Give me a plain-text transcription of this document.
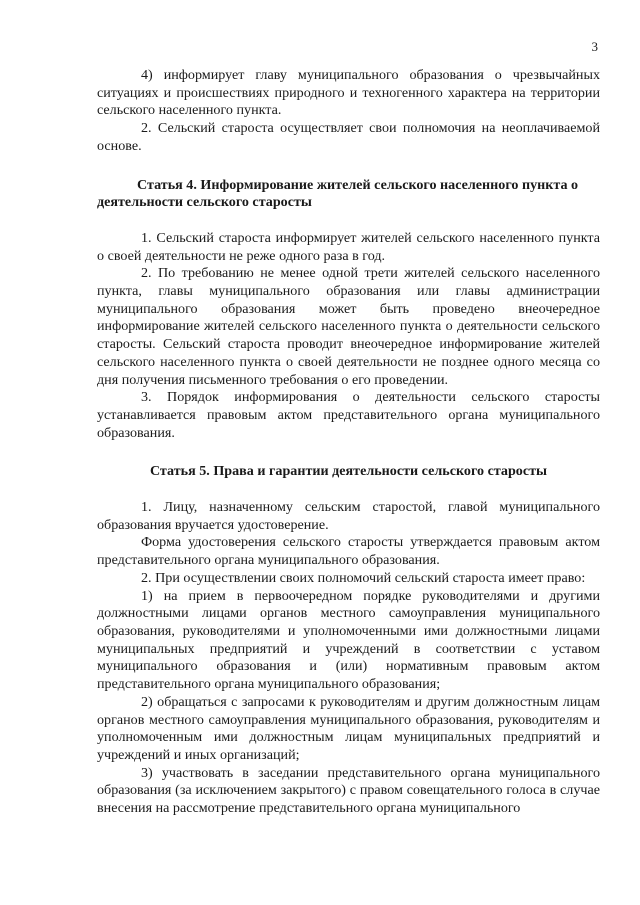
3

4) информирует главу муниципального образования о чрезвычайных ситуациях и происшествиях природного и техногенного характера на территории сельского населенного пункта.

2. Сельский староста осуществляет свои полномочия на неоплачиваемой основе.

Статья 4. Информирование жителей сельского населенного пункта о деятельности сельского старосты

1. Сельский староста информирует жителей сельского населенного пункта о своей деятельности не реже одного раза в год.

2. По требованию не менее одной трети жителей сельского населенного пункта, главы муниципального образования или главы администрации муниципального образования может быть проведено внеочередное информирование жителей сельского населенного пункта о деятельности сельского старосты. Сельский староста проводит внеочередное информирование жителей сельского населенного пункта о своей деятельности не позднее одного месяца со дня получения письменного требования о его проведении.

3. Порядок информирования о деятельности сельского старосты устанавливается правовым актом представительного органа муниципального образования.

Статья 5. Права и гарантии деятельности сельского старосты

1. Лицу, назначенному сельским старостой, главой муниципального образования вручается удостоверение.

Форма удостоверения сельского старосты утверждается правовым актом представительного органа муниципального образования.

2. При осуществлении своих полномочий сельский староста имеет право:

1) на прием в первоочередном порядке руководителями и другими должностными лицами органов местного самоуправления муниципального образования, руководителями и уполномоченными ими должностными лицами муниципальных предприятий и учреждений в соответствии с уставом муниципального образования и (или) нормативным правовым актом представительного органа муниципального образования;

2) обращаться с запросами к руководителям и другим должностным лицам органов местного самоуправления муниципального образования, руководителям и уполномоченным ими должностным лицам муниципальных предприятий и учреждений и иных организаций;

3) участвовать в заседании представительного органа муниципального образования (за исключением закрытого) с правом совещательного голоса в случае внесения на рассмотрение представительного органа муниципального
